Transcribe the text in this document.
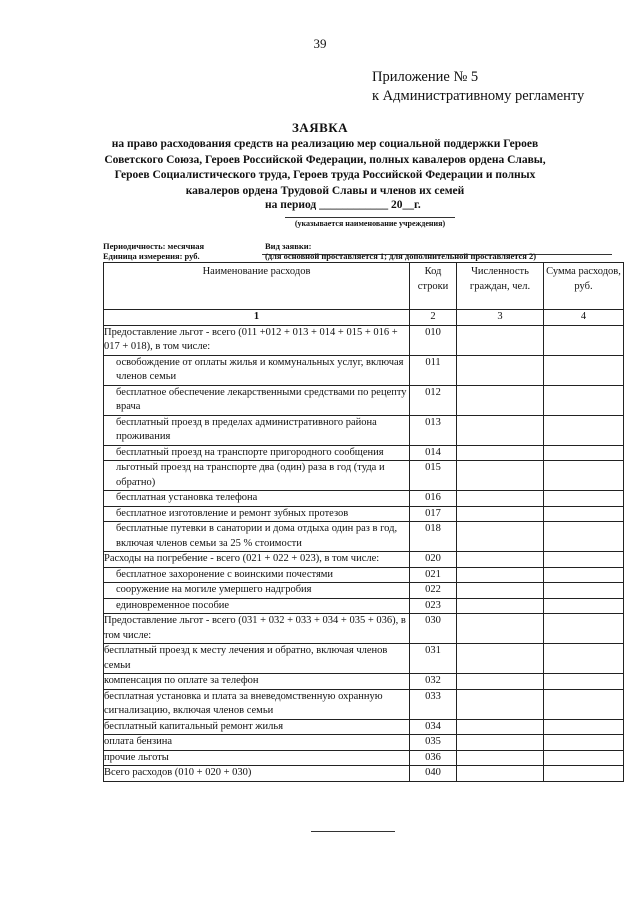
39
Приложение № 5
к Административному регламенту
ЗАЯВКА
на право расходования средств на реализацию мер социальной поддержки Героев Советского Союза, Героев Российской Федерации, полных кавалеров ордена Славы, Героев Социалистического труда, Героев труда Российской Федерации и полных кавалеров ордена Трудовой Славы и членов их семей
на период ____________ 20__г.
(указывается наименование учреждения)
Периодичность: месячная
Единица измерения: руб.
Вид заявки:
(для основной проставляется 1; для дополнительной проставляется 2)
Наименование расходов	Код строки	Численность граждан, чел.	Сумма расходов, руб.
1	2	3	4
Предоставление льгот - всего (011 +012 + 013 + 014 + 015 + 016 + 017 + 018), в том числе:	010		
освобождение от оплаты жилья и коммунальных услуг, включая членов семьи	011		
бесплатное обеспечение лекарственными средствами по рецепту врача	012		
бесплатный проезд в пределах административного района проживания	013		
бесплатный проезд на транспорте пригородного сообщения	014		
льготный проезд на транспорте два (один) раза в год (туда и обратно)	015		
бесплатная установка телефона	016		
бесплатное изготовление и ремонт зубных протезов	017		
бесплатные путевки в санатории и дома отдыха один раз в год, включая членов семьи за 25 % стоимости	018		
Расходы на погребение - всего (021 + 022 + 023), в том числе:	020		
бесплатное захоронение с воинскими почестями	021		
сооружение на могиле умершего надгробия	022		
единовременное пособие	023		
Предоставление льгот - всего (031 + 032 + 033 + 034 + 035 + 036), в том числе:	030		
бесплатный проезд к месту лечения и обратно, включая членов семьи	031		
компенсация по оплате за телефон	032		
бесплатная установка и плата за вневедомственную охранную сигнализацию, включая членов семьи	033		
бесплатный капитальный ремонт жилья	034		
оплата бензина	035		
прочие льготы	036		
Всего расходов (010 + 020 + 030)	040		
